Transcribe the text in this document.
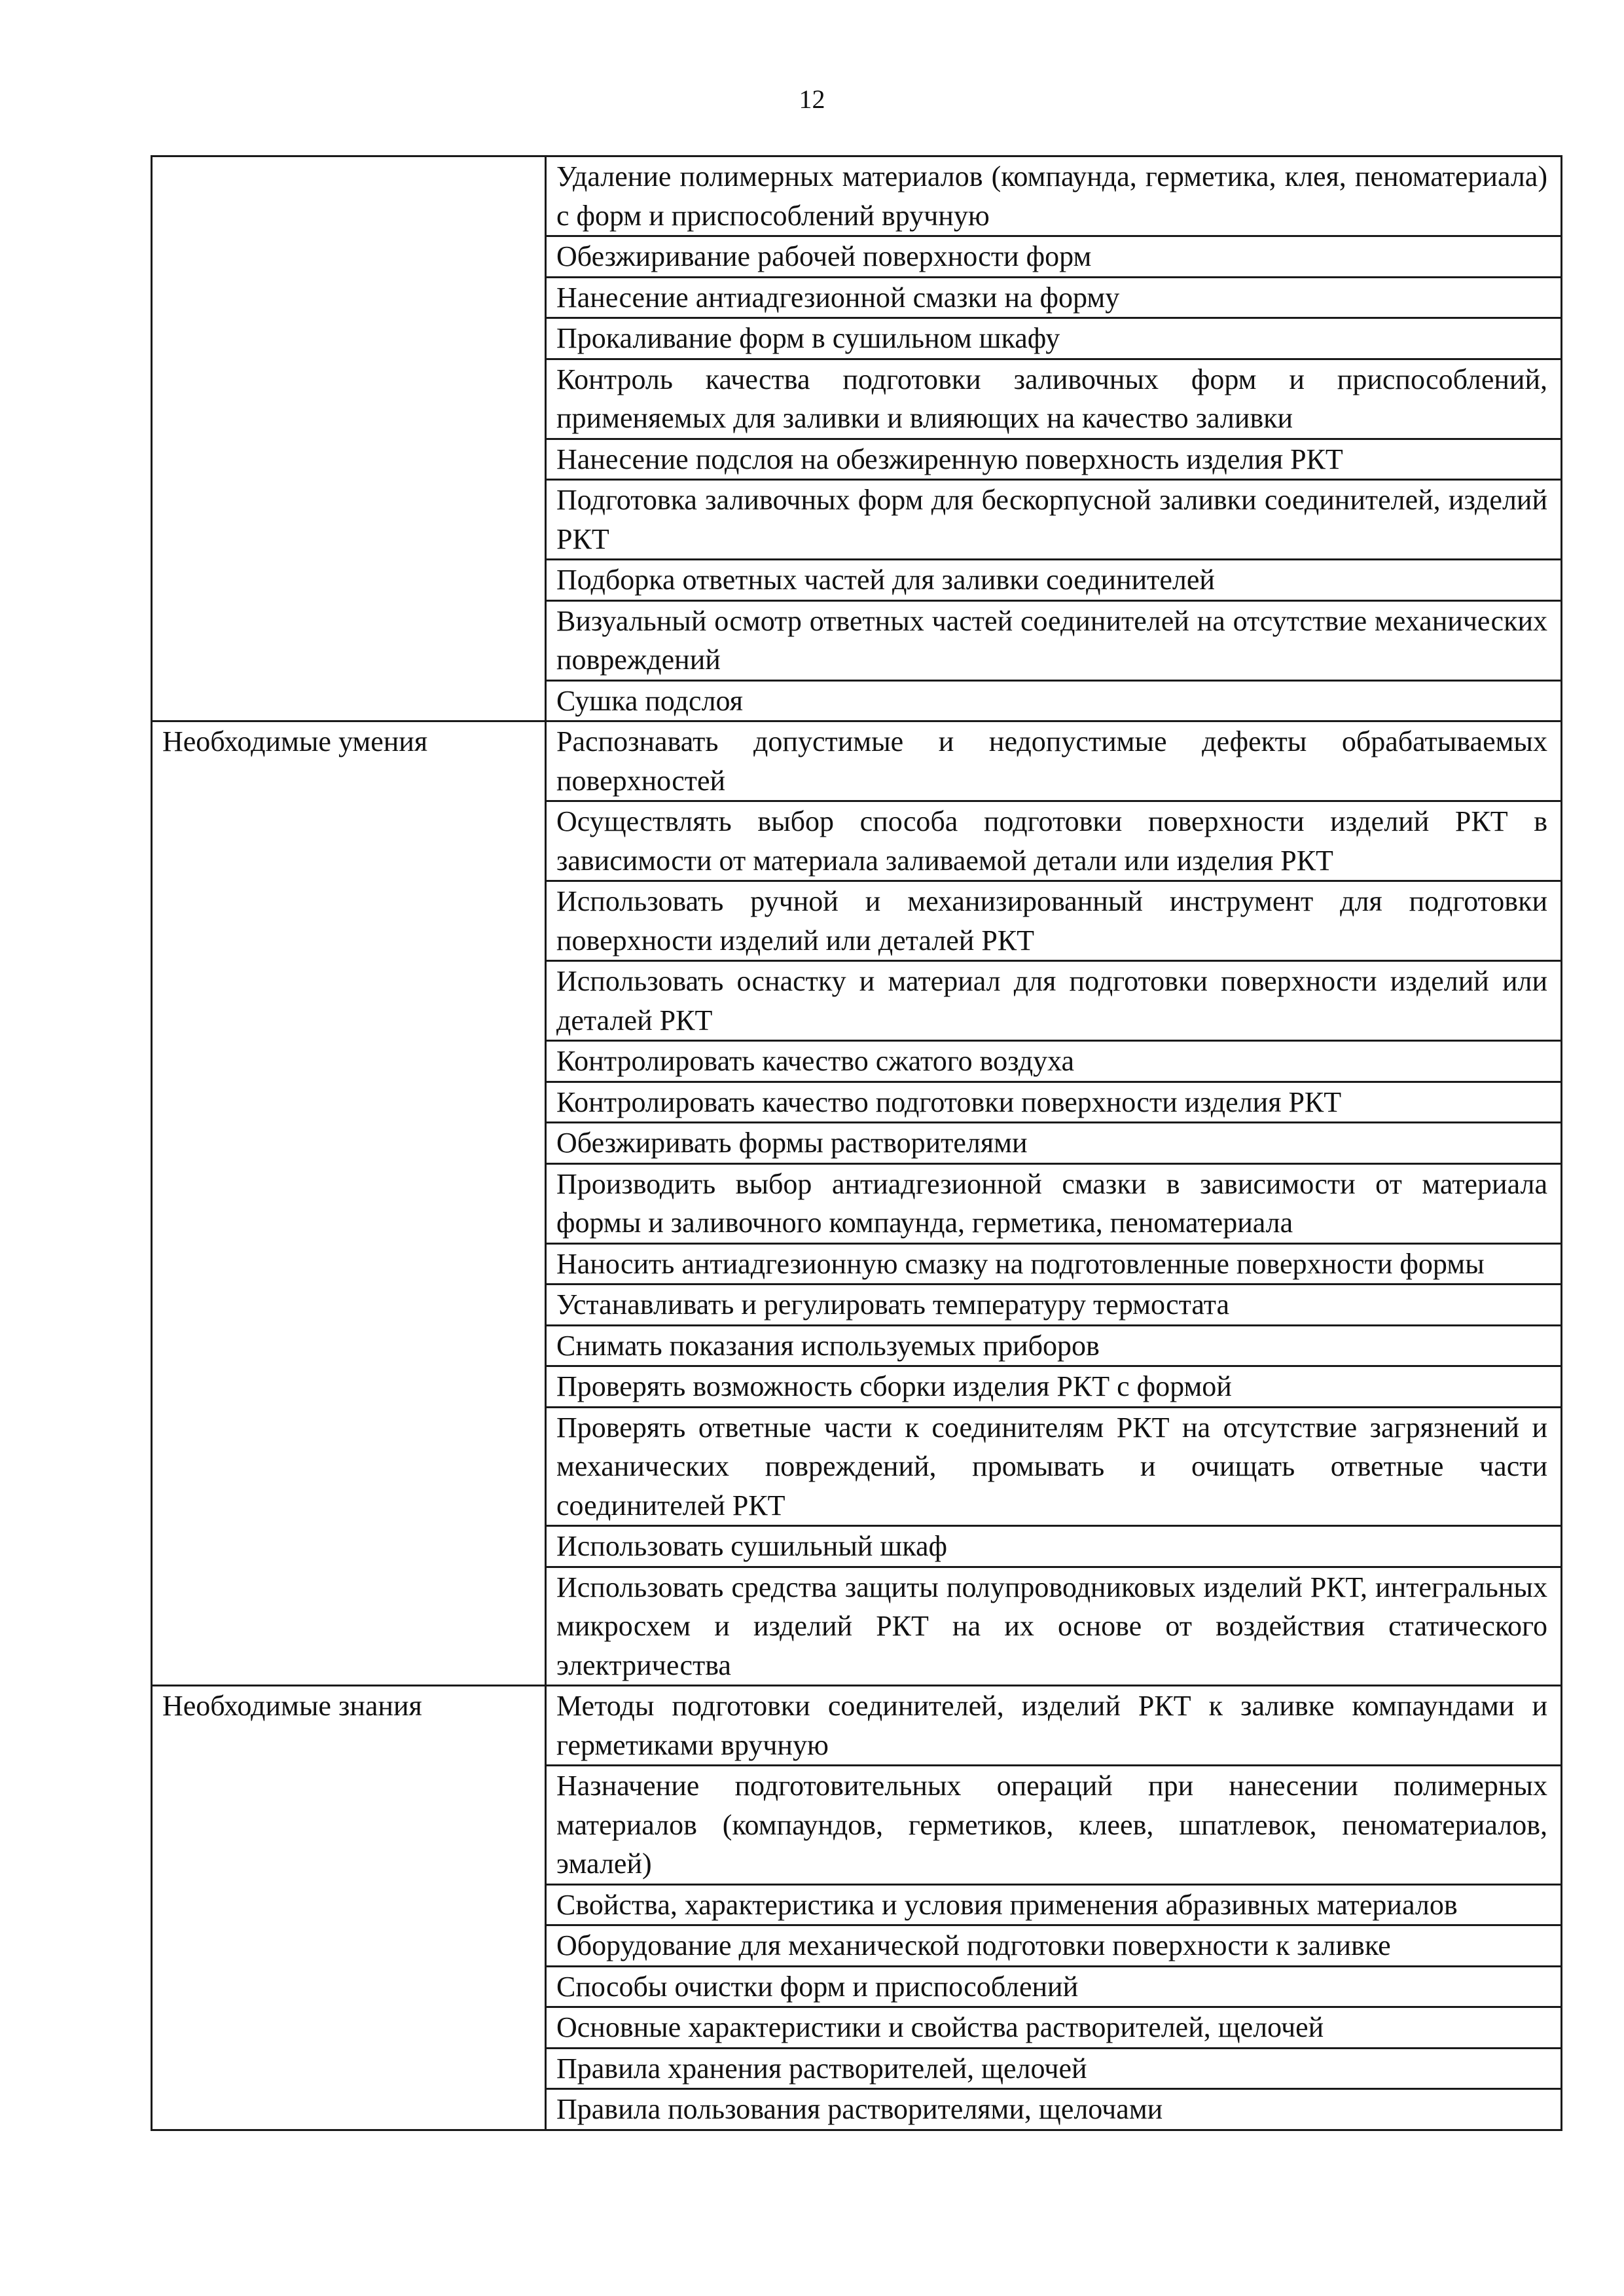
12
	Удаление полимерных материалов (компаунда, герметика, клея, пеноматериала) с форм и приспособлений вручную
	Обезжиривание рабочей поверхности форм
	Нанесение антиадгезионной смазки на форму
	Прокаливание форм в сушильном шкафу
	Контроль качества подготовки заливочных форм и приспособлений, применяемых для заливки и влияющих на качество заливки
	Нанесение подслоя на обезжиренную поверхность изделия РКТ
	Подготовка заливочных форм для бескорпусной заливки соединителей, изделий РКТ
	Подборка ответных частей для заливки соединителей
	Визуальный осмотр ответных частей соединителей на отсутствие механических повреждений
	Сушка подслоя
Необходимые умения	Распознавать допустимые и недопустимые дефекты обрабатываемых поверхностей
	Осуществлять выбор способа подготовки поверхности изделий РКТ в зависимости от материала заливаемой детали или изделия РКТ
	Использовать ручной и механизированный инструмент для подготовки поверхности изделий или деталей РКТ
	Использовать оснастку и материал для подготовки поверхности изделий или деталей РКТ
	Контролировать качество сжатого воздуха
	Контролировать качество подготовки поверхности изделия РКТ
	Обезжиривать формы растворителями
	Производить выбор антиадгезионной смазки в зависимости от материала формы и заливочного компаунда, герметика, пеноматериала
	Наносить антиадгезионную смазку на подготовленные поверхности формы
	Устанавливать и регулировать температуру термостата
	Снимать показания используемых приборов
	Проверять возможность сборки изделия РКТ с формой
	Проверять ответные части к соединителям РКТ на отсутствие загрязнений и механических повреждений, промывать и очищать ответные части соединителей РКТ
	Использовать сушильный шкаф
	Использовать средства защиты полупроводниковых изделий РКТ, интегральных микросхем и изделий РКТ на их основе от воздействия статического электричества
Необходимые знания	Методы подготовки соединителей, изделий РКТ к заливке компаундами и герметиками вручную
	Назначение подготовительных операций при нанесении полимерных материалов (компаундов, герметиков, клеев, шпатлевок, пеноматериалов, эмалей)
	Свойства, характеристика и условия применения абразивных материалов
	Оборудование для механической подготовки поверхности к заливке
	Способы очистки форм и приспособлений
	Основные характеристики и свойства растворителей, щелочей
	Правила хранения растворителей, щелочей
	Правила пользования растворителями, щелочами
